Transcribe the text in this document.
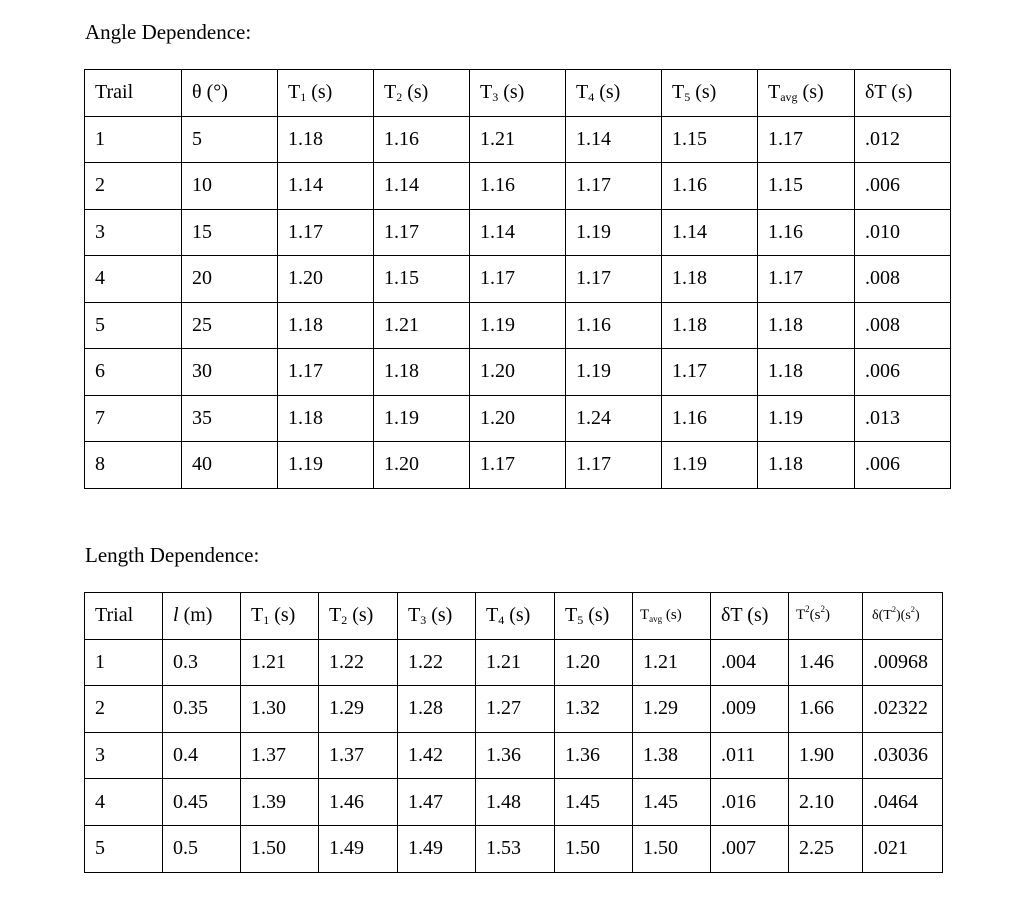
Angle Dependence:
Trail	θ (°)	$T_1$ (s)	$T_2$ (s)	$T_3$ (s)	$T_4$ (s)	$T_5$ (s)	$T_{avg}$ (s)	δT (s)
1	5	1.18	1.16	1.21	1.14	1.15	1.17	.012
2	10	1.14	1.14	1.16	1.17	1.16	1.15	.006
3	15	1.17	1.17	1.14	1.19	1.14	1.16	.010
4	20	1.20	1.15	1.17	1.17	1.18	1.17	.008
5	25	1.18	1.21	1.19	1.16	1.18	1.18	.008
6	30	1.17	1.18	1.20	1.19	1.17	1.18	.006
7	35	1.18	1.19	1.20	1.24	1.16	1.19	.013
8	40	1.19	1.20	1.17	1.17	1.19	1.18	.006
Length Dependence:
Trial	l (m)	$T_1$ (s)	$T_2$ (s)	$T_3$ (s)	$T_4$ (s)	$T_5$ (s)	$T_{avg}$ (s)	δT (s)	$T^2(s^2)$	$\delta(T^2)(s^2)$
1	0.3	1.21	1.22	1.22	1.21	1.20	1.21	.004	1.46	.00968
2	0.35	1.30	1.29	1.28	1.27	1.32	1.29	.009	1.66	.02322
3	0.4	1.37	1.37	1.42	1.36	1.36	1.38	.011	1.90	.03036
4	0.45	1.39	1.46	1.47	1.48	1.45	1.45	.016	2.10	.0464
5	0.5	1.50	1.49	1.49	1.53	1.50	1.50	.007	2.25	.021
